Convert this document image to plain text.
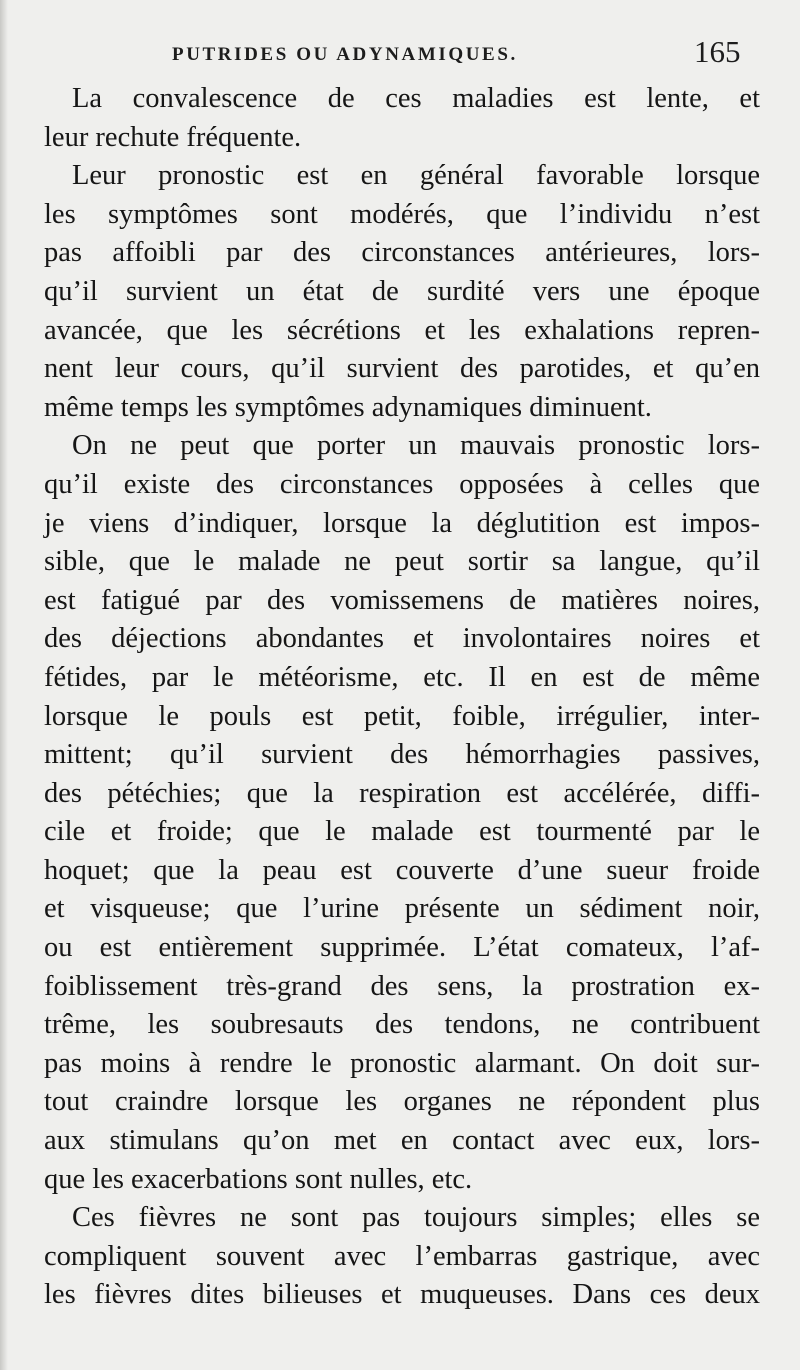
PUTRIDES OU ADYNAMIQUES.	165
La convalescence de ces maladies est lente, et
leur rechute fréquente.
Leur pronostic est en général favorable lorsque
les symptômes sont modérés, que l’individu n’est
pas affoibli par des circonstances antérieures, lors-
qu’il survient un état de surdité vers une époque
avancée, que les sécrétions et les exhalations repren-
nent leur cours, qu’il survient des parotides, et qu’en
même temps les symptômes adynamiques diminuent.
On ne peut que porter un mauvais pronostic lors-
qu’il existe des circonstances opposées à celles que
je viens d’indiquer, lorsque la déglutition est impos-
sible, que le malade ne peut sortir sa langue, qu’il
est fatigué par des vomissemens de matières noires,
des déjections abondantes et involontaires noires et
fétides, par le météorisme, etc. Il en est de même
lorsque le pouls est petit, foible, irrégulier, inter-
mittent; qu’il survient des hémorrhagies passives,
des pétéchies; que la respiration est accélérée, diffi-
cile et froide; que le malade est tourmenté par le
hoquet; que la peau est couverte d’une sueur froide
et visqueuse; que l’urine présente un sédiment noir,
ou est entièrement supprimée. L’état comateux, l’af-
foiblissement très-grand des sens, la prostration ex-
trême, les soubresauts des tendons, ne contribuent
pas moins à rendre le pronostic alarmant. On doit sur-
tout craindre lorsque les organes ne répondent plus
aux stimulans qu’on met en contact avec eux, lors-
que les exacerbations sont nulles, etc.
Ces fièvres ne sont pas toujours simples; elles se
compliquent souvent avec l’embarras gastrique, avec
les fièvres dites bilieuses et muqueuses. Dans ces deux
